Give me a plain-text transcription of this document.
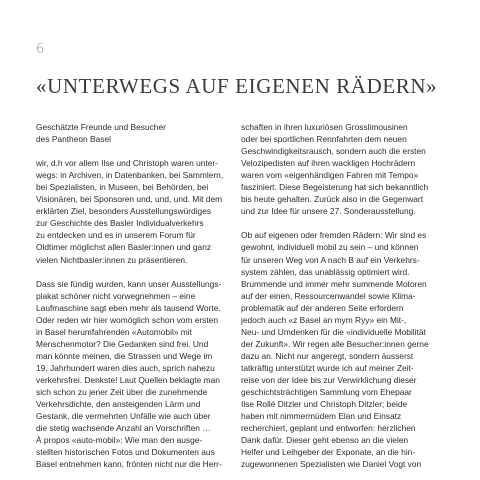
6
«UNTERWEGS AUF EIGENEN RÄDERN»
Geschätzte Freunde und Besucher
des Pantheon Basel
wir, d.h vor allem Ilse und Christoph waren unter-
wegs: in Archiven, in Datenbanken, bei Sammlern,
bei Spezialisten, in Museen, bei Behörden, bei
Visionären, bei Sponsoren und, und, und. Mit dem
erklärten Ziel, besonders Ausstellungswürdiges
zur Geschichte des Basler Individualverkehrs
zu entdecken und es in unserem Forum für
Oldtimer möglichst allen Basler:innen und ganz
vielen Nichtbasler:innen zu präsentieren.
Dass sie fündig wurden, kann unser Ausstellungs-
plakat schöner nicht vorwegnehmen – eine
Laufmaschine sagt eben mehr als tausend Worte.
Oder reden wir hier womöglich schon vom ersten
in Basel herumfahrenden «Automobil» mit
Menschenmotor? Die Gedanken sind frei. Und
man könnte meinen, die Strassen und Wege im
19. Jahrhundert waren dies auch, sprich nahezu
verkehrsfrei. Denkste! Laut Quellen beklagte man
sich schon zu jener Zeit über die zunehmende
Verkehrsdichte, den ansteigenden Lärm und
Gestank, die vermehrten Unfälle wie auch über
die stetig wachsende Anzahl an Vorschriften …
À propos «auto-mobil»: Wie man den ausge-
stellten historischen Fotos und Dokumenten aus
Basel entnehmen kann, frönten nicht nur die Herr-
schaften in ihren luxuriösen Grosslimousinen
oder bei sportlichen Rennfahrten dem neuen
Geschwindigkeitsrausch, sondern auch die ersten
Velozipedisten auf ihren wackligen Hochrädern
waren vom «eigenhändigen Fahren mit Tempo»
fasziniert. Diese Begeisterung hat sich bekanntlich
bis heute gehalten. Zurück also in die Gegenwart
und zur Idee für unsere 27. Sonderausstellung.
Ob auf eigenen oder fremden Rädern: Wir sind es
gewohnt, individuell mobil zu sein – und können
für unseren Weg von A nach B auf ein Verkehrs-
system zählen, das unablässig optimiert wird.
Brummende und immer mehr summende Motoren
auf der einen, Ressourcenwandel sowie Klima-
problematik auf der anderen Seite erfordern
jedoch auch «z Basel an mym Ryy» ein Mit-,
Neu- und Umdenken für die «individuelle Mobilität
der Zukunft». Wir regen alle Besucher:innen gerne
dazu an. Nicht nur angeregt, sondern äusserst
tatkräftig unterstützt wurde ich auf meiner Zeit-
reise von der Idee bis zur Verwirklichung dieser
geschichtsträchtigen Sammlung vom Ehepaar
Ilse Rollé Ditzler und Christoph Ditzler; beide
haben mit nimmermüdem Elan und Einsatz
recherchiert, geplant und entworfen: herzlichen
Dank dafür. Dieser geht ebenso an die vielen
Helfer und Leihgeber der Exponate, an die hin-
zugewonnenen Spezialisten wie Daniel Vogt von
